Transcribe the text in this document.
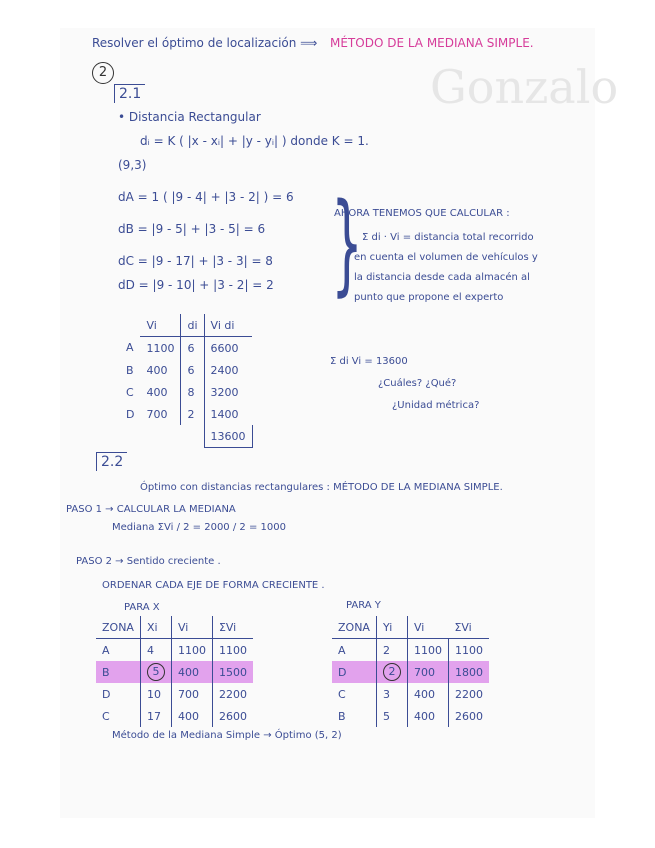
Resolver el óptimo de localización ⟹ MÉTODO DE LA MEDIANA SIMPLE.
Gonzalo
2
2.1
• Distancia Rectangular
dᵢ = K ( |x - xᵢ| + |y - yᵢ| ) donde K = 1.
(9,3)
dA = 1 ( |9 - 4| + |3 - 2| ) = 6
dB = |9 - 5| + |3 - 5| = 6
dC = |9 - 17| + |3 - 3| = 8
dD = |9 - 10| + |3 - 2| = 2 }
AHORA TENEMOS QUE CALCULAR :
Σ di · Vi = distancia total recorrido
en cuenta el volumen de vehículos y
la distancia desde cada almacén al
punto que propone el experto
	Vi	di	Vi di
A	1100	6	6600
B	400	6	2400
C	400	8	3200
D	700	2	1400
			13600
Σ di Vi = 13600
¿Cuáles? ¿Qué?
¿Unidad métrica?
2.2
Óptimo con distancias rectangulares : MÉTODO DE LA MEDIANA SIMPLE.
PASO 1 → CALCULAR LA MEDIANA
Mediana ΣVi / 2 = 2000 / 2 = 1000
PASO 2 → Sentido creciente .
ORDENAR CADA EJE DE FORMA CRECIENTE .
PARA X	PARA Y
ZONA	Xi	Vi	ΣVi
A	4	1100	1100
B	5	400	1500
D	10	700	2200
C	17	400	2600
ZONA	Yi	Vi	ΣVi
A	2	1100	1100
D	2	700	1800
C	3	400	2200
B	5	400	2600
Método de la Mediana Simple → Óptimo (5, 2)
